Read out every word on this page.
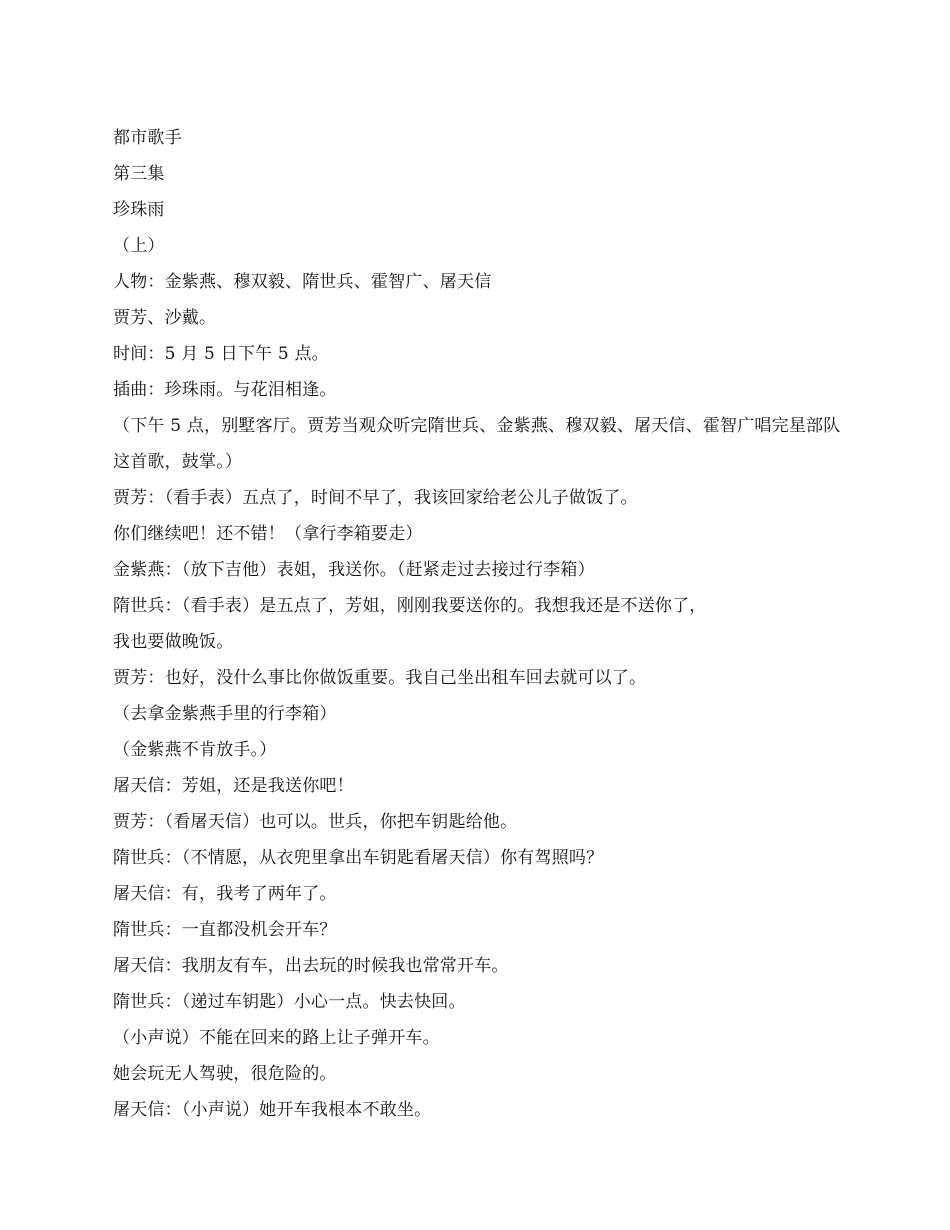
都市歌手
第三集
珍珠雨
（上）
人物：金紫燕、穆双毅、隋世兵、霍智广、屠天信
贾芳、沙戴。
时间：5 月 5 日下午 5 点。
插曲：珍珠雨。与花泪相逢。
（下午 5 点，别墅客厅。贾芳当观众听完隋世兵、金紫燕、穆双毅、屠天信、霍智广唱完星部队这首歌，鼓掌。）
贾芳：（看手表）五点了，时间不早了，我该回家给老公儿子做饭了。
你们继续吧！还不错！（拿行李箱要走）
金紫燕：（放下吉他）表姐，我送你。（赶紧走过去接过行李箱）
隋世兵：（看手表）是五点了，芳姐，刚刚我要送你的。我想我还是不送你了，
我也要做晚饭。
贾芳：也好，没什么事比你做饭重要。我自己坐出租车回去就可以了。
（去拿金紫燕手里的行李箱）
（金紫燕不肯放手。）
屠天信：芳姐，还是我送你吧！
贾芳：（看屠天信）也可以。世兵，你把车钥匙给他。
隋世兵：（不情愿，从衣兜里拿出车钥匙看屠天信）你有驾照吗？
屠天信：有，我考了两年了。
隋世兵：一直都没机会开车？
屠天信：我朋友有车，出去玩的时候我也常常开车。
隋世兵：（递过车钥匙）小心一点。快去快回。
（小声说）不能在回来的路上让子弹开车。
她会玩无人驾驶，很危险的。
屠天信：（小声说）她开车我根本不敢坐。
